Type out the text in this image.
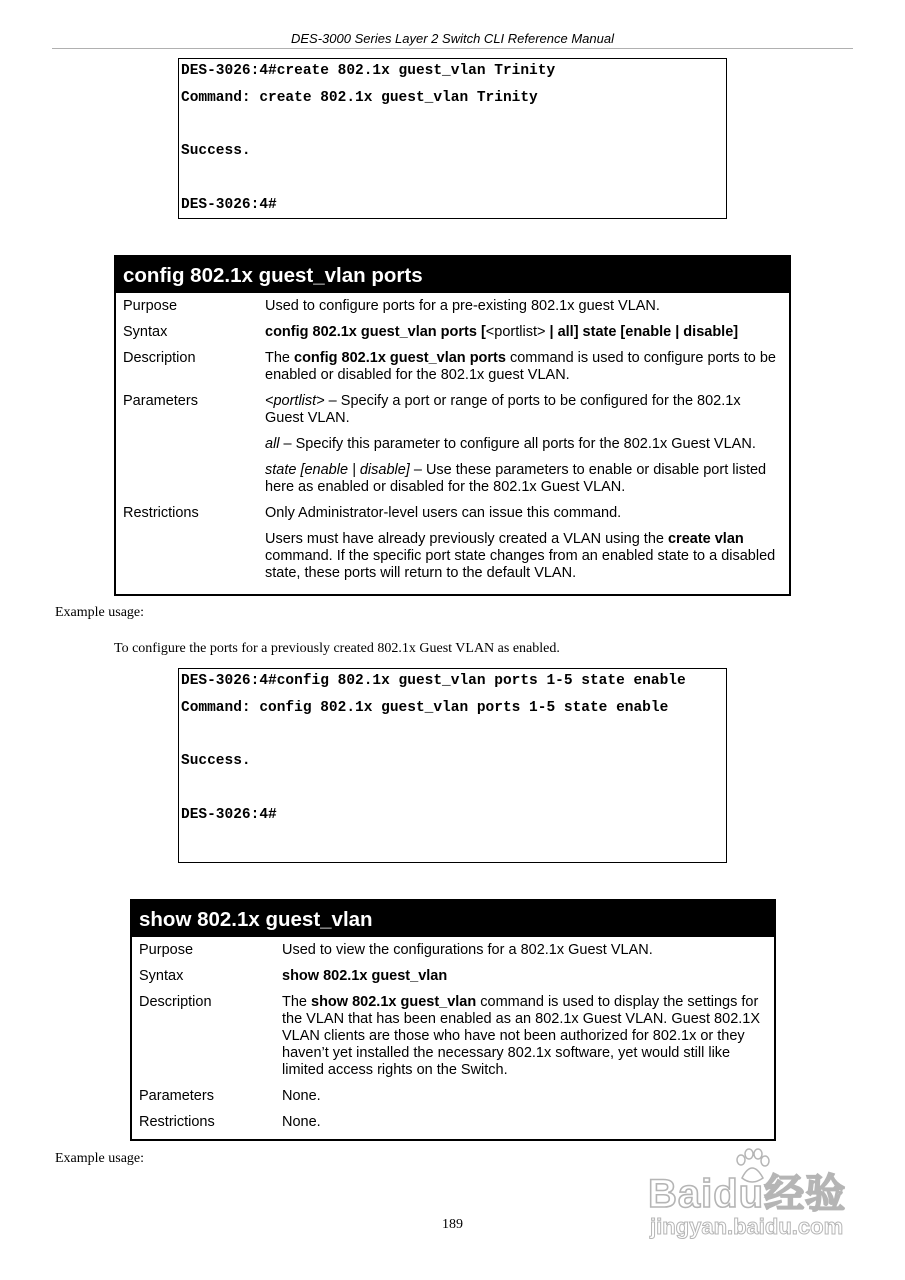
DES-3000 Series Layer 2 Switch CLI Reference Manual
DES-3026:4#create 802.1x guest_vlan Trinity
Command: create 802.1x guest_vlan Trinity
Success.
DES-3026:4#
config 802.1x guest_vlan ports
Purpose	Used to configure ports for a pre-existing 802.1x guest VLAN.
Syntax	config 802.1x guest_vlan ports [<portlist> | all] state [enable | disable]
Description	The config 802.1x guest_vlan ports command is used to configure ports to be enabled or disabled for the 802.1x guest VLAN.
Parameters	<portlist> – Specify a port or range of ports to be configured for the 802.1x Guest VLAN.
all – Specify this parameter to configure all ports for the 802.1x Guest VLAN.
state [enable | disable] – Use these parameters to enable or disable port listed here as enabled or disabled for the 802.1x Guest VLAN.
Restrictions	Only Administrator-level users can issue this command.
Users must have already previously created a VLAN using the create vlan command. If the specific port state changes from an enabled state to a disabled state, these ports will return to the default VLAN.
Example usage:
To configure the ports for a previously created 802.1x Guest VLAN as enabled.
DES-3026:4#config 802.1x guest_vlan ports 1-5 state enable
Command: config 802.1x guest_vlan ports 1-5 state enable
Success.
DES-3026:4#
show 802.1x guest_vlan
Purpose	Used to view the configurations for a 802.1x Guest VLAN.
Syntax	show 802.1x guest_vlan
Description	The show 802.1x guest_vlan command is used to display the settings for the VLAN that has been enabled as an 802.1x Guest VLAN. Guest 802.1X VLAN clients are those who have not been authorized for 802.1x or they haven’t yet installed the necessary 802.1x software, yet would still like limited access rights on the Switch.
Parameters	None.
Restrictions	None.
Example usage:
189
Baidu经验
jingyan.baidu.com
